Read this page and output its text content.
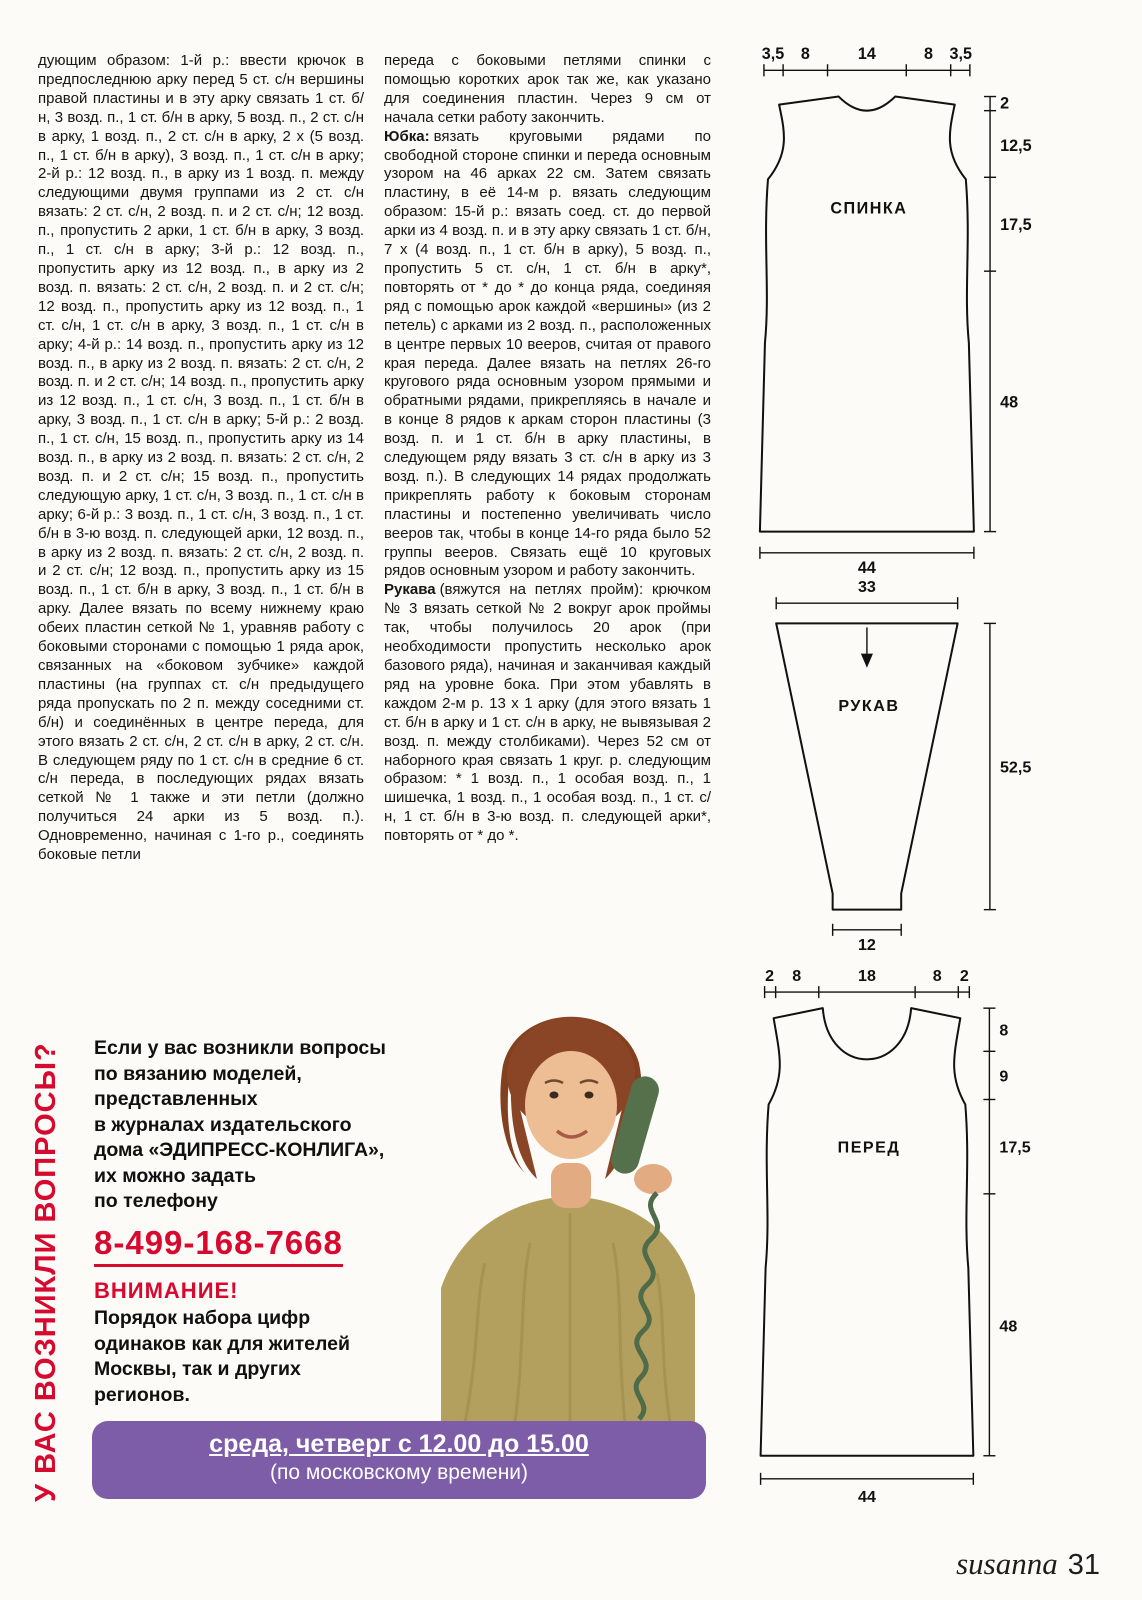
дующим образом: 1-й р.: ввести крючок в предпоследнюю арку перед 5 ст. с/н вершины правой пластины и в эту арку связать 1 ст. б/н, 3 возд. п., 1 ст. б/н в арку, 5 возд. п., 2 ст. с/н в арку, 1 возд. п., 2 ст. с/н в арку, 2 х (5 возд. п., 1 ст. б/н в арку), 3 возд. п., 1 ст. с/н в арку; 2-й р.: 12 возд. п., в арку из 1 возд. п. между следующими двумя группами из 2 ст. с/н вязать: 2 ст. с/н, 2 возд. п. и 2 ст. с/н; 12 возд. п., пропустить 2 арки, 1 ст. б/н в арку, 3 возд. п., 1 ст. с/н в арку; 3-й р.: 12 возд. п., пропустить арку из 12 возд. п., в арку из 2 возд. п. вязать: 2 ст. с/н, 2 возд. п. и 2 ст. с/н; 12 возд. п., пропустить арку из 12 возд. п., 1 ст. с/н, 1 ст. с/н в арку, 3 возд. п., 1 ст. с/н в арку; 4-й р.: 14 возд. п., пропустить арку из 12 возд. п., в арку из 2 возд. п. вязать: 2 ст. с/н, 2 возд. п. и 2 ст. с/н; 14 возд. п., пропустить арку из 12 возд. п., 1 ст. с/н, 3 возд. п., 1 ст. б/н в арку, 3 возд. п., 1 ст. с/н в арку; 5-й р.: 2 возд. п., 1 ст. с/н, 15 возд. п., пропустить арку из 14 возд. п., в арку из 2 возд. п. вязать: 2 ст. с/н, 2 возд. п. и 2 ст. с/н; 15 возд. п., пропустить следующую арку, 1 ст. с/н, 3 возд. п., 1 ст. с/н в арку; 6-й р.: 3 возд. п., 1 ст. с/н, 3 возд. п., 1 ст. б/н в 3-ю возд. п. следующей арки, 12 возд. п., в арку из 2 возд. п. вязать: 2 ст. с/н, 2 возд. п. и 2 ст. с/н; 12 возд. п., пропустить арку из 15 возд. п., 1 ст. б/н в арку, 3 возд. п., 1 ст. б/н в арку. Далее вязать по всему нижнему краю обеих пластин сеткой № 1, уравняв работу с боковыми сторонами с помощью 1 ряда арок, связанных на «боковом зубчике» каждой пластины (на группах ст. с/н предыдущего ряда пропускать по 2 п. между соседними ст. б/н) и соединённых в центре переда, для этого вязать 2 ст. с/н, 2 ст. с/н в арку, 2 ст. с/н. В следующем ряду по 1 ст. с/н в средние 6 ст. с/н переда, в последующих рядах вязать сеткой № 1 также и эти петли (должно получиться 24 арки из 5 возд. п.). Одновременно, начиная с 1-го р., соединять боковые петли

переда с боковыми петлями спинки с помощью коротких арок так же, как указано для соединения пластин. Через 9 см от начала сетки работу закончить.

Юбка: вязать круговыми рядами по свободной стороне спинки и переда основным узором на 46 арках 22 см. Затем связать пластину, в её 14-м р. вязать следующим образом: 15-й р.: вязать соед. ст. до первой арки из 4 возд. п. и в эту арку связать 1 ст. б/н, 7 х (4 возд. п., 1 ст. б/н в арку), 5 возд. п., пропустить 5 ст. с/н, 1 ст. б/н в арку*, повторять от * до * до конца ряда, соединяя ряд с помощью арок каждой «вершины» (из 2 петель) с арками из 2 возд. п., расположенных в центре первых 10 вееров, считая от правого края переда. Далее вязать на петлях 26-го кругового ряда основным узором прямыми и обратными рядами, прикрепляясь в начале и в конце 8 рядов к аркам сторон пластины (3 возд. п. и 1 ст. б/н в арку пластины, в следующем ряду вязать 3 ст. с/н в арку из 3 возд. п.). В следующих 14 рядах продолжать прикреплять работу к боковым сторонам пластины и постепенно увеличивать число вееров так, чтобы в конце 14-го ряда было 52 группы вееров. Связать ещё 10 круговых рядов основным узором и работу закончить.

Рукава (вяжутся на петлях пройм): крючком № 3 вязать сеткой № 2 вокруг арок проймы так, чтобы получилось 20 арок (при необходимости пропустить несколько арок базового ряда), начиная и заканчивая каждый ряд на уровне бока. При этом убавлять в каждом 2-м р. 13 х 1 арку (для этого вязать 1 ст. б/н в арку и 1 ст. с/н в арку, не вывязывая 2 возд. п. между столбиками). Через 52 см от наборного края связать 1 круг. р. следующим образом: * 1 возд. п., 1 особая возд. п., 1 шишечка, 1 возд. п., 1 особая возд. п., 1 ст. с/н, 1 ст. б/н в 3-ю возд. п. следующей арки*, повторять от * до *.

3,5 8	14	8 3,5
СПИНКА
2
12,5
17,5
48
44
33
РУКАВ
52,5
12
2 8	18	8 2
ПЕРЕД
8
9
17,5
48
44
У ВАС ВОЗНИКЛИ ВОПРОСЫ? Если у вас возникли вопросы
по вязанию моделей,
представленных
в журналах издательского
дома «ЭДИПРЕСС-КОНЛИГА»,
их можно задать
по телефону
8-499-168-7668
ВНИМАНИЕ!
Порядок набора цифр одинаков как для жителей Москвы, так и других регионов.
среда, четверг с 12.00 до 15.00
(по московскому времени)
susanna 31
